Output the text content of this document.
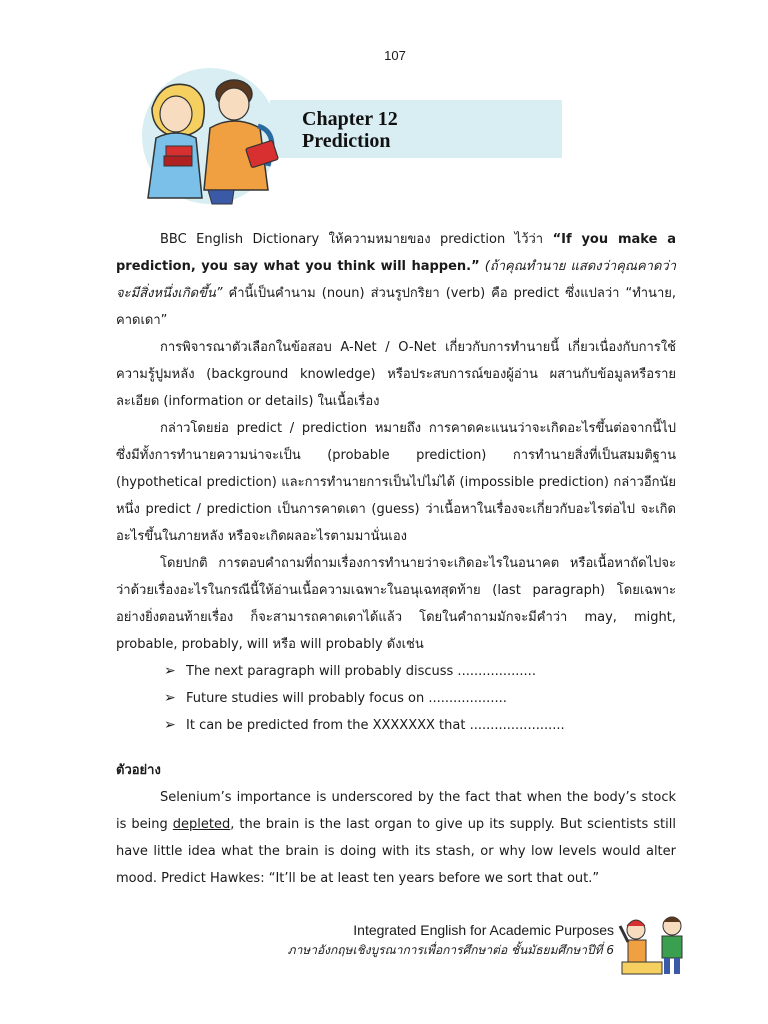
107
Chapter 12
Prediction

BBC English Dictionary ให้ความหมายของ prediction ไว้ว่า “If you make a prediction, you say what you think will happen.” (ถ้าคุณทำนาย แสดงว่าคุณคาดว่าจะมีสิ่งหนึ่งเกิดขึ้น” คำนี้เป็นคำนาม (noun) ส่วนรูปกริยา (verb) คือ predict ซึ่งแปลว่า “ทำนาย, คาดเดา”

การพิจารณาตัวเลือกในข้อสอบ A-Net / O-Net เกี่ยวกับการทำนายนี้ เกี่ยวเนื่องกับการใช้ความรู้ปูมหลัง (background knowledge) หรือประสบการณ์ของผู้อ่าน ผสานกับข้อมูลหรือรายละเอียด (information or details) ในเนื้อเรื่อง

กล่าวโดยย่อ predict / prediction หมายถึง การคาดคะแนนว่าจะเกิดอะไรขึ้นต่อจากนี้ไป ซึ่งมีทั้งการทำนายความน่าจะเป็น (probable prediction) การทำนายสิ่งที่เป็นสมมติฐาน (hypothetical prediction) และการทำนายการเป็นไปไม่ได้ (impossible prediction) กล่าวอีกนัยหนึ่ง predict / prediction เป็นการคาดเดา (guess) ว่าเนื้อหาในเรื่องจะเกี่ยวกับอะไรต่อไป จะเกิดอะไรขึ้นในภายหลัง หรือจะเกิดผลอะไรตามมานั่นเอง

โดยปกติ การตอบคำถามที่ถามเรื่องการทำนายว่าจะเกิดอะไรในอนาคต หรือเนื้อหาถัดไปจะว่าด้วยเรื่องอะไรในกรณีนี้ให้อ่านเนื้อความเฉพาะในอนุเฉทสุดท้าย (last paragraph) โดยเฉพาะอย่างยิ่งตอนท้ายเรื่อง ก็จะสามารถคาดเดาได้แล้ว โดยในคำถามมักจะมีคำว่า may, might, probable, probably, will หรือ will probably ดังเช่น

➢ The next paragraph will probably discuss ...................
➢ Future studies will probably focus on ...................
➢ It can be predicted from the XXXXXXX that .......................
ตัวอย่าง

Selenium’s importance is underscored by the fact that when the body’s stock is being depleted, the brain is the last organ to give up its supply. But scientists still have little idea what the brain is doing with its stash, or why low levels would alter mood. Predict Hawkes: “It’ll be at least ten years before we sort that out.”

Integrated English for Academic Purposes
ภาษาอังกฤษเชิงบูรณาการเพื่อการศึกษาต่อ ชั้นมัธยมศึกษาปีที่ 6
